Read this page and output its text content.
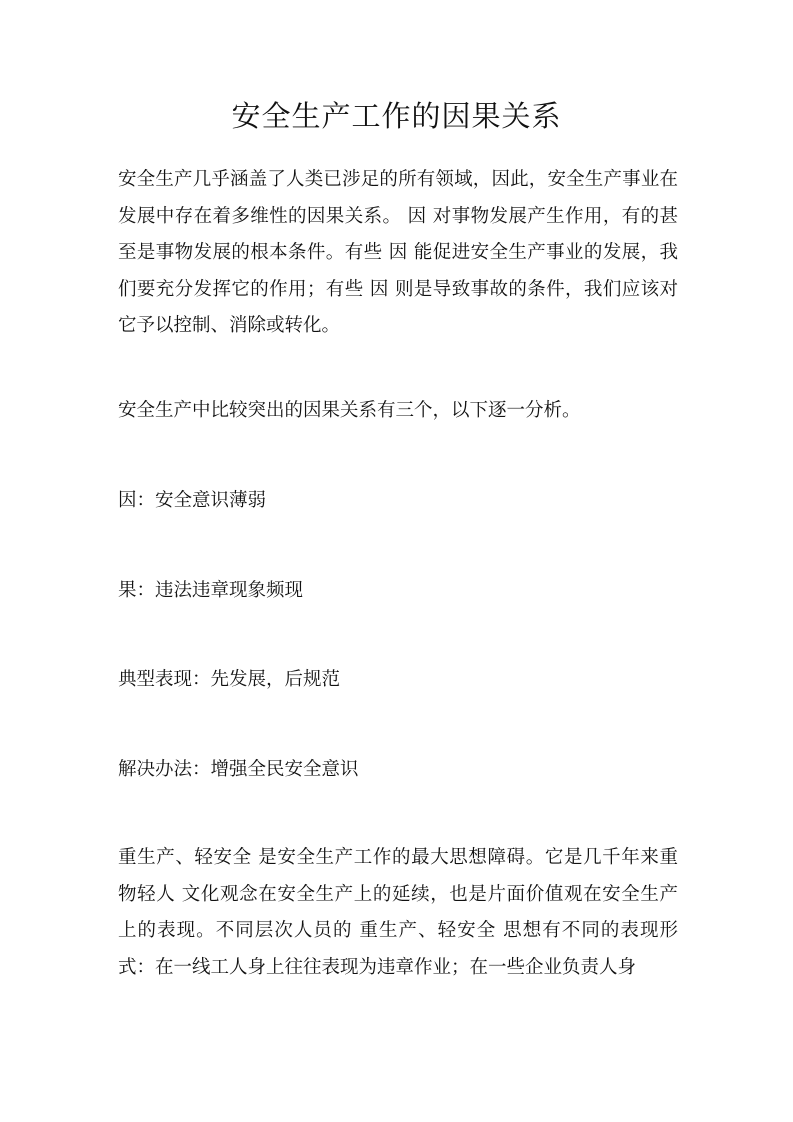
安全生产工作的因果关系

安全生产几乎涵盖了人类已涉足的所有领域，因此，安全生产事业在发展中存在着多维性的因果关系。 因 对事物发展产生作用，有的甚至是事物发展的根本条件。有些 因 能促进安全生产事业的发展，我们要充分发挥它的作用；有些 因 则是导致事故的条件，我们应该对它予以控制、消除或转化。

安全生产中比较突出的因果关系有三个，以下逐一分析。

因：安全意识薄弱

果：违法违章现象频现

典型表现：先发展，后规范

解决办法：增强全民安全意识

重生产、轻安全 是安全生产工作的最大思想障碍。它是几千年来重物轻人 文化观念在安全生产上的延续，也是片面价值观在安全生产上的表现。不同层次人员的 重生产、轻安全 思想有不同的表现形式：在一线工人身上往往表现为违章作业；在一些企业负责人身
